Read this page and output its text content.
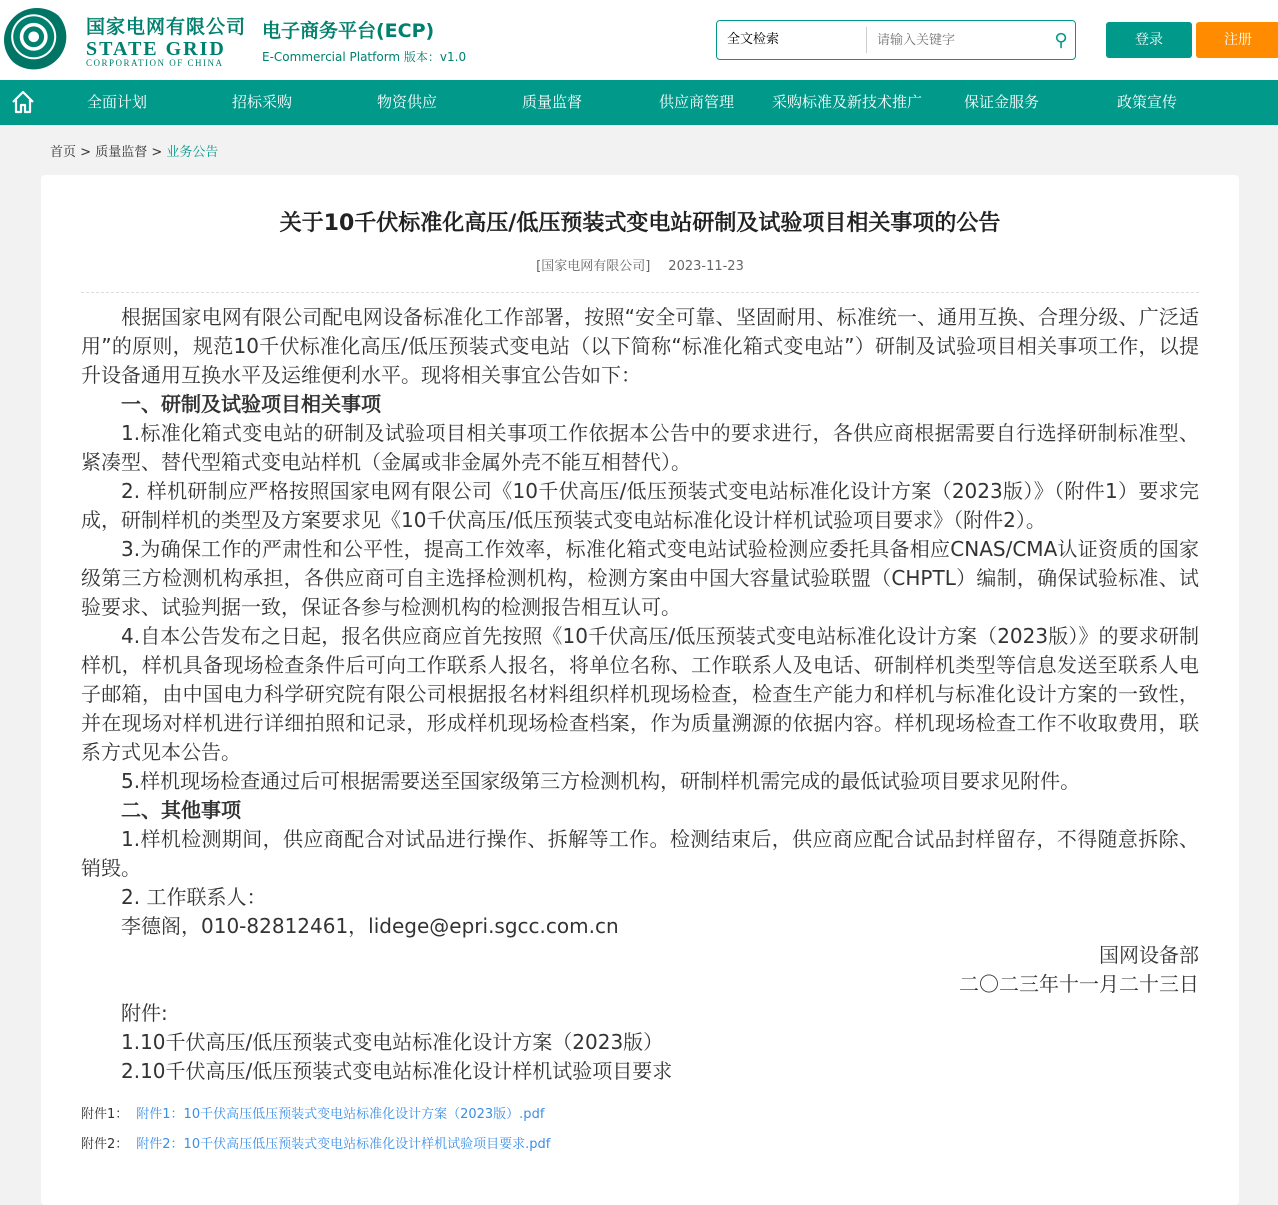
国家电网有限公司
STATE GRID
CORPORATION OF CHINA
电子商务平台(ECP)
E-Commercial Platform 版本：v1.0
全文检索
请输入关键字	⚲	登录	注册
全面计划	招标采购	物资供应	质量监督	供应商管理	采购标准及新技术推广	保证金服务	政策宣传
首页 > 质量监督 > 业务公告
关于10千伏标准化高压/低压预装式变电站研制及试验项目相关事项的公告
[国家电网有限公司] 2023-11-23

根据国家电网有限公司配电网设备标准化工作部署，按照“安全可靠、坚固耐用、标准统一、通用互换、合理分级、广泛适用”的原则，规范10千伏标准化高压/低压预装式变电站（以下简称“标准化箱式变电站”）研制及试验项目相关事项工作，以提升设备通用互换水平及运维便利水平。现将相关事宜公告如下：

一、研制及试验项目相关事项

1.标准化箱式变电站的研制及试验项目相关事项工作依据本公告中的要求进行，各供应商根据需要自行选择研制标准型、紧凑型、替代型箱式变电站样机（金属或非金属外壳不能互相替代）。

2. 样机研制应严格按照国家电网有限公司《10千伏高压/低压预装式变电站标准化设计方案（2023版）》（附件1）要求完成，研制样机的类型及方案要求见《10千伏高压/低压预装式变电站标准化设计样机试验项目要求》（附件2）。

3.为确保工作的严肃性和公平性，提高工作效率，标准化箱式变电站试验检测应委托具备相应CNAS/CMA认证资质的国家级第三方检测机构承担，各供应商可自主选择检测机构，检测方案由中国大容量试验联盟（CHPTL）编制，确保试验标准、试验要求、试验判据一致，保证各参与检测机构的检测报告相互认可。

4.自本公告发布之日起，报名供应商应首先按照《10千伏高压/低压预装式变电站标准化设计方案（2023版）》的要求研制样机，样机具备现场检查条件后可向工作联系人报名，将单位名称、工作联系人及电话、研制样机类型等信息发送至联系人电子邮箱，由中国电力科学研究院有限公司根据报名材料组织样机现场检查，检查生产能力和样机与标准化设计方案的一致性，并在现场对样机进行详细拍照和记录，形成样机现场检查档案，作为质量溯源的依据内容。样机现场检查工作不收取费用，联系方式见本公告。

5.样机现场检查通过后可根据需要送至国家级第三方检测机构，研制样机需完成的最低试验项目要求见附件。

二、其他事项

1.样机检测期间，供应商配合对试品进行操作、拆解等工作。检测结束后，供应商应配合试品封样留存，不得随意拆除、销毁。

2. 工作联系人：

李德阁，010-82812461，lidege@epri.sgcc.com.cn

国网设备部

二〇二三年十一月二十三日

附件:

1.10千伏高压/低压预装式变电站标准化设计方案（2023版）

2.10千伏高压/低压预装式变电站标准化设计样机试验项目要求

附件1： 附件1：10千伏高压低压预装式变电站标准化设计方案（2023版）.pdf
附件2： 附件2：10千伏高压低压预装式变电站标准化设计样机试验项目要求.pdf
